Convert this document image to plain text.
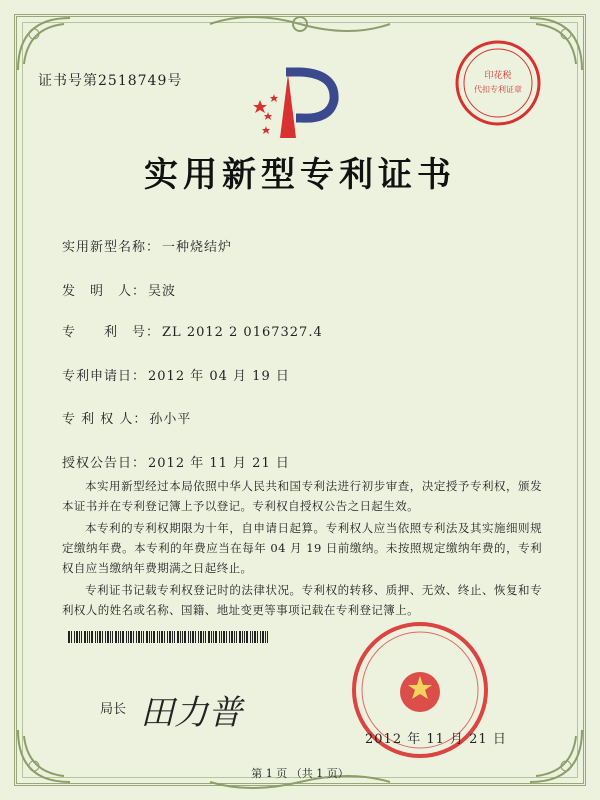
印花税
代扣专利证章
证书号第2518749号
实用新型专利证书
实用新型名称： 一种烧结炉
发　明　人： 吴波
专　　利　号： ZL 2012 2 0167327.4
专利申请日： 2012 年 04 月 19 日
专 利 权 人： 孙小平
授权公告日： 2012 年 11 月 21 日
本实用新型经过本局依照中华人民共和国专利法进行初步审查，决定授予专利权，颁发本证书并在专利登记簿上予以登记。专利权自授权公告之日起生效。
本专利的专利权期限为十年，自申请日起算。专利权人应当依照专利法及其实施细则规定缴纳年费。本专利的年费应当在每年 04 月 19 日前缴纳。未按照规定缴纳年费的，专利权自应当缴纳年费期满之日起终止。
专利证书记载专利权登记时的法律状况。专利权的转移、质押、无效、终止、恢复和专利权人的姓名或名称、国籍、地址变更等事项记载在专利登记簿上。
局长 田力普
2012 年 11 月 21 日
第 1 页 （共 1 页）
